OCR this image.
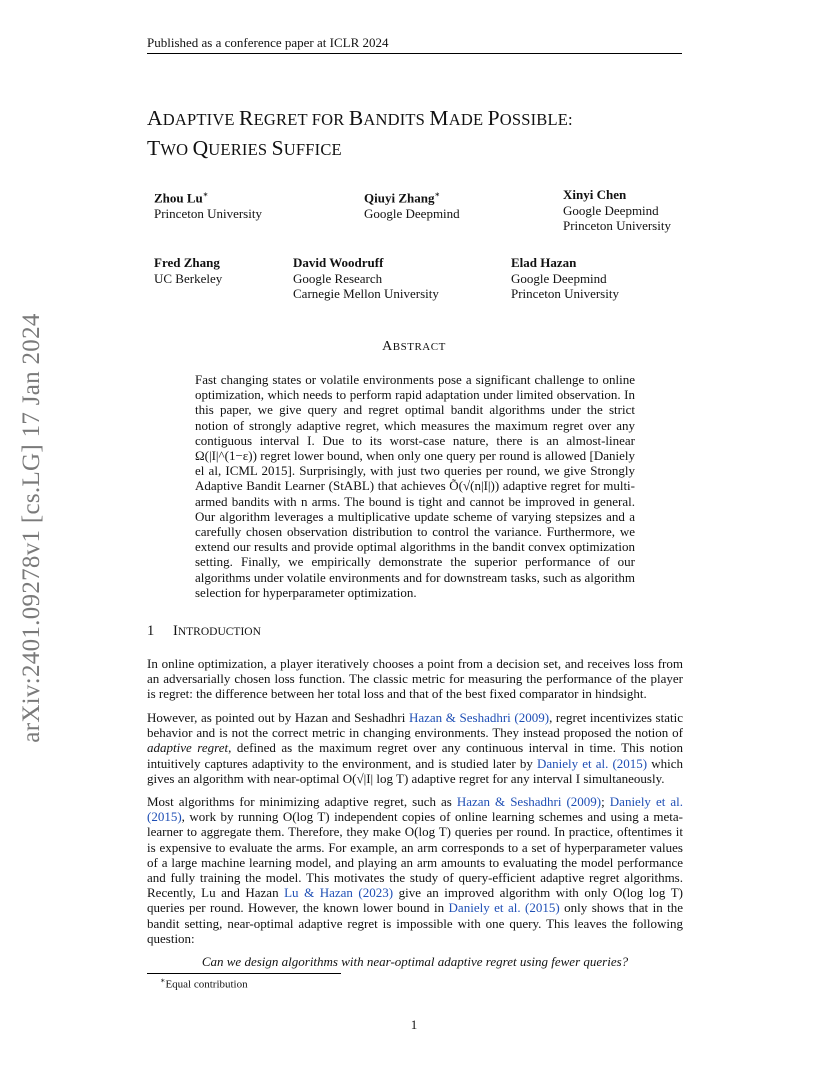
Published as a conference paper at ICLR 2024
ADAPTIVE REGRET FOR BANDITS MADE POSSIBLE:
TWO QUERIES SUFFICE
Zhou Lu∗
Princeton University
Qiuyi Zhang∗
Google Deepmind
Xinyi Chen
Google Deepmind
Princeton University
Fred Zhang
UC Berkeley
David Woodruff
Google Research
Carnegie Mellon University
Elad Hazan
Google Deepmind
Princeton University
arXiv:2401.09278v1 [cs.LG] 17 Jan 2024	ABSTRACT
Fast changing states or volatile environments pose a significant challenge to online optimization, which needs to perform rapid adaptation under limited observation. In this paper, we give query and regret optimal bandit algorithms under the strict notion of strongly adaptive regret, which measures the maximum regret over any contiguous interval I. Due to its worst-case nature, there is an almost-linear Ω(|I|^(1−ε)) regret lower bound, when only one query per round is allowed [Daniely el al, ICML 2015]. Surprisingly, with just two queries per round, we give Strongly Adaptive Bandit Learner (StABL) that achieves Õ(√(n|I|)) adaptive regret for multi-armed bandits with n arms. The bound is tight and cannot be improved in general. Our algorithm leverages a multiplicative update scheme of varying stepsizes and a carefully chosen observation distribution to control the variance. Furthermore, we extend our results and provide optimal algorithms in the bandit convex optimization setting. Finally, we empirically demonstrate the superior performance of our algorithms under volatile environments and for downstream tasks, such as algorithm selection for hyperparameter optimization.
1 INTRODUCTION
In online optimization, a player iteratively chooses a point from a decision set, and receives loss from an adversarially chosen loss function. The classic metric for measuring the performance of the player is regret: the difference between her total loss and that of the best fixed comparator in hindsight.
However, as pointed out by Hazan and Seshadhri Hazan & Seshadhri (2009), regret incentivizes static behavior and is not the correct metric in changing environments. They instead proposed the notion of adaptive regret, defined as the maximum regret over any continuous interval in time. This notion intuitively captures adaptivity to the environment, and is studied later by Daniely et al. (2015) which gives an algorithm with near-optimal O(√|I| log T) adaptive regret for any interval I simultaneously.
Most algorithms for minimizing adaptive regret, such as Hazan & Seshadhri (2009); Daniely et al. (2015), work by running O(log T) independent copies of online learning schemes and using a meta-learner to aggregate them. Therefore, they make O(log T) queries per round. In practice, oftentimes it is expensive to evaluate the arms. For example, an arm corresponds to a set of hyperparameter values of a large machine learning model, and playing an arm amounts to evaluating the model performance and fully training the model. This motivates the study of query-efficient adaptive regret algorithms. Recently, Lu and Hazan Lu & Hazan (2023) give an improved algorithm with only O(log log T) queries per round. However, the known lower bound in Daniely et al. (2015) only shows that in the bandit setting, near-optimal adaptive regret is impossible with one query. This leaves the following question:
Can we design algorithms with near-optimal adaptive regret using fewer queries?
∗Equal contribution
1
